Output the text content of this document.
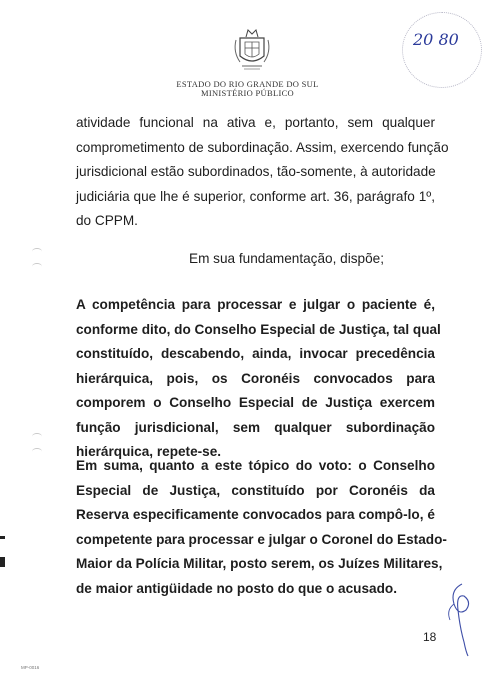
ESTADO DO RIO GRANDE DO SUL
MINISTÉRIO PÚBLICO
20 80
atividade funcional na ativa e, portanto, sem qualquer
comprometimento de subordinação. Assim, exercendo função
jurisdicional estão subordinados, tão-somente, à autoridade
judiciária que lhe é superior, conforme art. 36, parágrafo 1º,
do CPPM.
Em sua fundamentação, dispõe;
A competência para processar e julgar o paciente é,
conforme dito, do Conselho Especial de Justiça, tal qual
constituído, descabendo, ainda, invocar precedência
hierárquica, pois, os Coronéis convocados para
comporem o Conselho Especial de Justiça exercem
função jurisdicional, sem qualquer subordinação
hierárquica, repete-se.
Em suma, quanto a este tópico do voto: o Conselho
Especial de Justiça, constituído por Coronéis da
Reserva especificamente convocados para compô-lo, é
competente para processar e julgar o Coronel do Estado-
Maior da Polícia Militar, posto serem, os Juízes Militares,
de maior antigüidade no posto do que o acusado.
18
MP-0016
